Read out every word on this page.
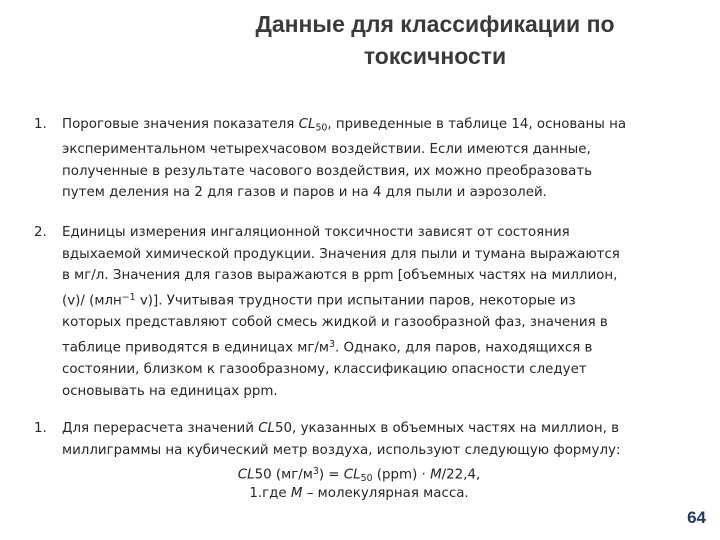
Данные для классификации по
токсичности
1. Пороговые значения показателя $CL_{50}$, приведенные в таблице 14, основаны на
экспериментальном четырехчасовом воздействии. Если имеются данные,
полученные в результате часового воздействия, их можно преобразовать
путем деления на 2 для газов и паров и на 4 для пыли и аэрозолей.
2. Единицы измерения ингаляционной токсичности зависят от состояния
вдыхаемой химической продукции. Значения для пыли и тумана выражаются
в мг/л. Значения для газов выражаются в ppm [объемных частях на миллион,
(v)/ (млн$^{-1}$ v)]. Учитывая трудности при испытании паров, некоторые из
которых представляют собой смесь жидкой и газообразной фаз, значения в
таблице приводятся в единицах $мг/м^3$. Однако, для паров, находящихся в
состоянии, близком к газообразному, классификацию опасности следует
основывать на единицах ppm.
1. Для перерасчета значений CL50, указанных в объемных частях на миллион, в
миллиграммы на кубический метр воздуха, используют следующую формулу:
CL50 $(мг/м^3) = CL_{50}$ (ppm) · M/22,4,
1.где M – молекулярная масса.
64
